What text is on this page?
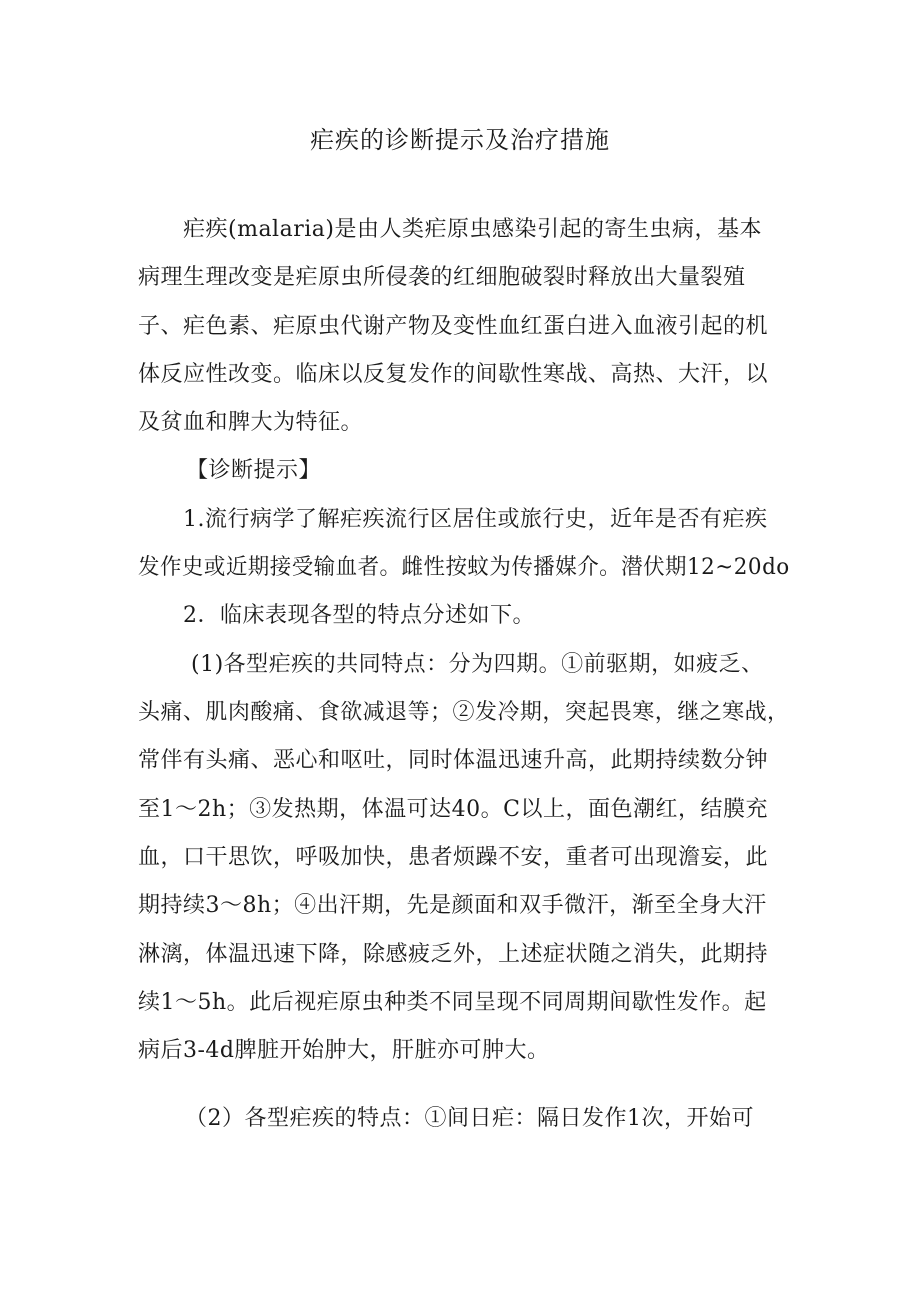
疟疾的诊断提示及治疗措施
疟疾(malaria)是由人类疟原虫感染引起的寄生虫病，基本
病理生理改变是疟原虫所侵袭的红细胞破裂时释放出大量裂殖
子、疟色素、疟原虫代谢产物及变性血红蛋白进入血液引起的机
体反应性改变。临床以反复发作的间歇性寒战、高热、大汗，以
及贫血和脾大为特征。
【诊断提示】
1.流行病学了解疟疾流行区居住或旅行史，近年是否有疟疾
发作史或近期接受输血者。雌性按蚊为传播媒介。潜伏期12~20do
2．临床表现各型的特点分述如下。
(1)各型疟疾的共同特点：分为四期。①前驱期，如疲乏、
头痛、肌肉酸痛、食欲减退等；②发冷期，突起畏寒，继之寒战，
常伴有头痛、恶心和呕吐，同时体温迅速升高，此期持续数分钟
至1～2h；③发热期，体温可达40。C以上，面色潮红，结膜充
血，口干思饮，呼吸加快，患者烦躁不安，重者可出现澹妄，此
期持续3～8h；④出汗期，先是颜面和双手微汗，渐至全身大汗
淋漓，体温迅速下降，除感疲乏外，上述症状随之消失，此期持
续1～5h。此后视疟原虫种类不同呈现不同周期间歇性发作。起
病后3-4d脾脏开始肿大，肝脏亦可肿大。
（2）各型疟疾的特点：①间日疟：隔日发作1次，开始可
